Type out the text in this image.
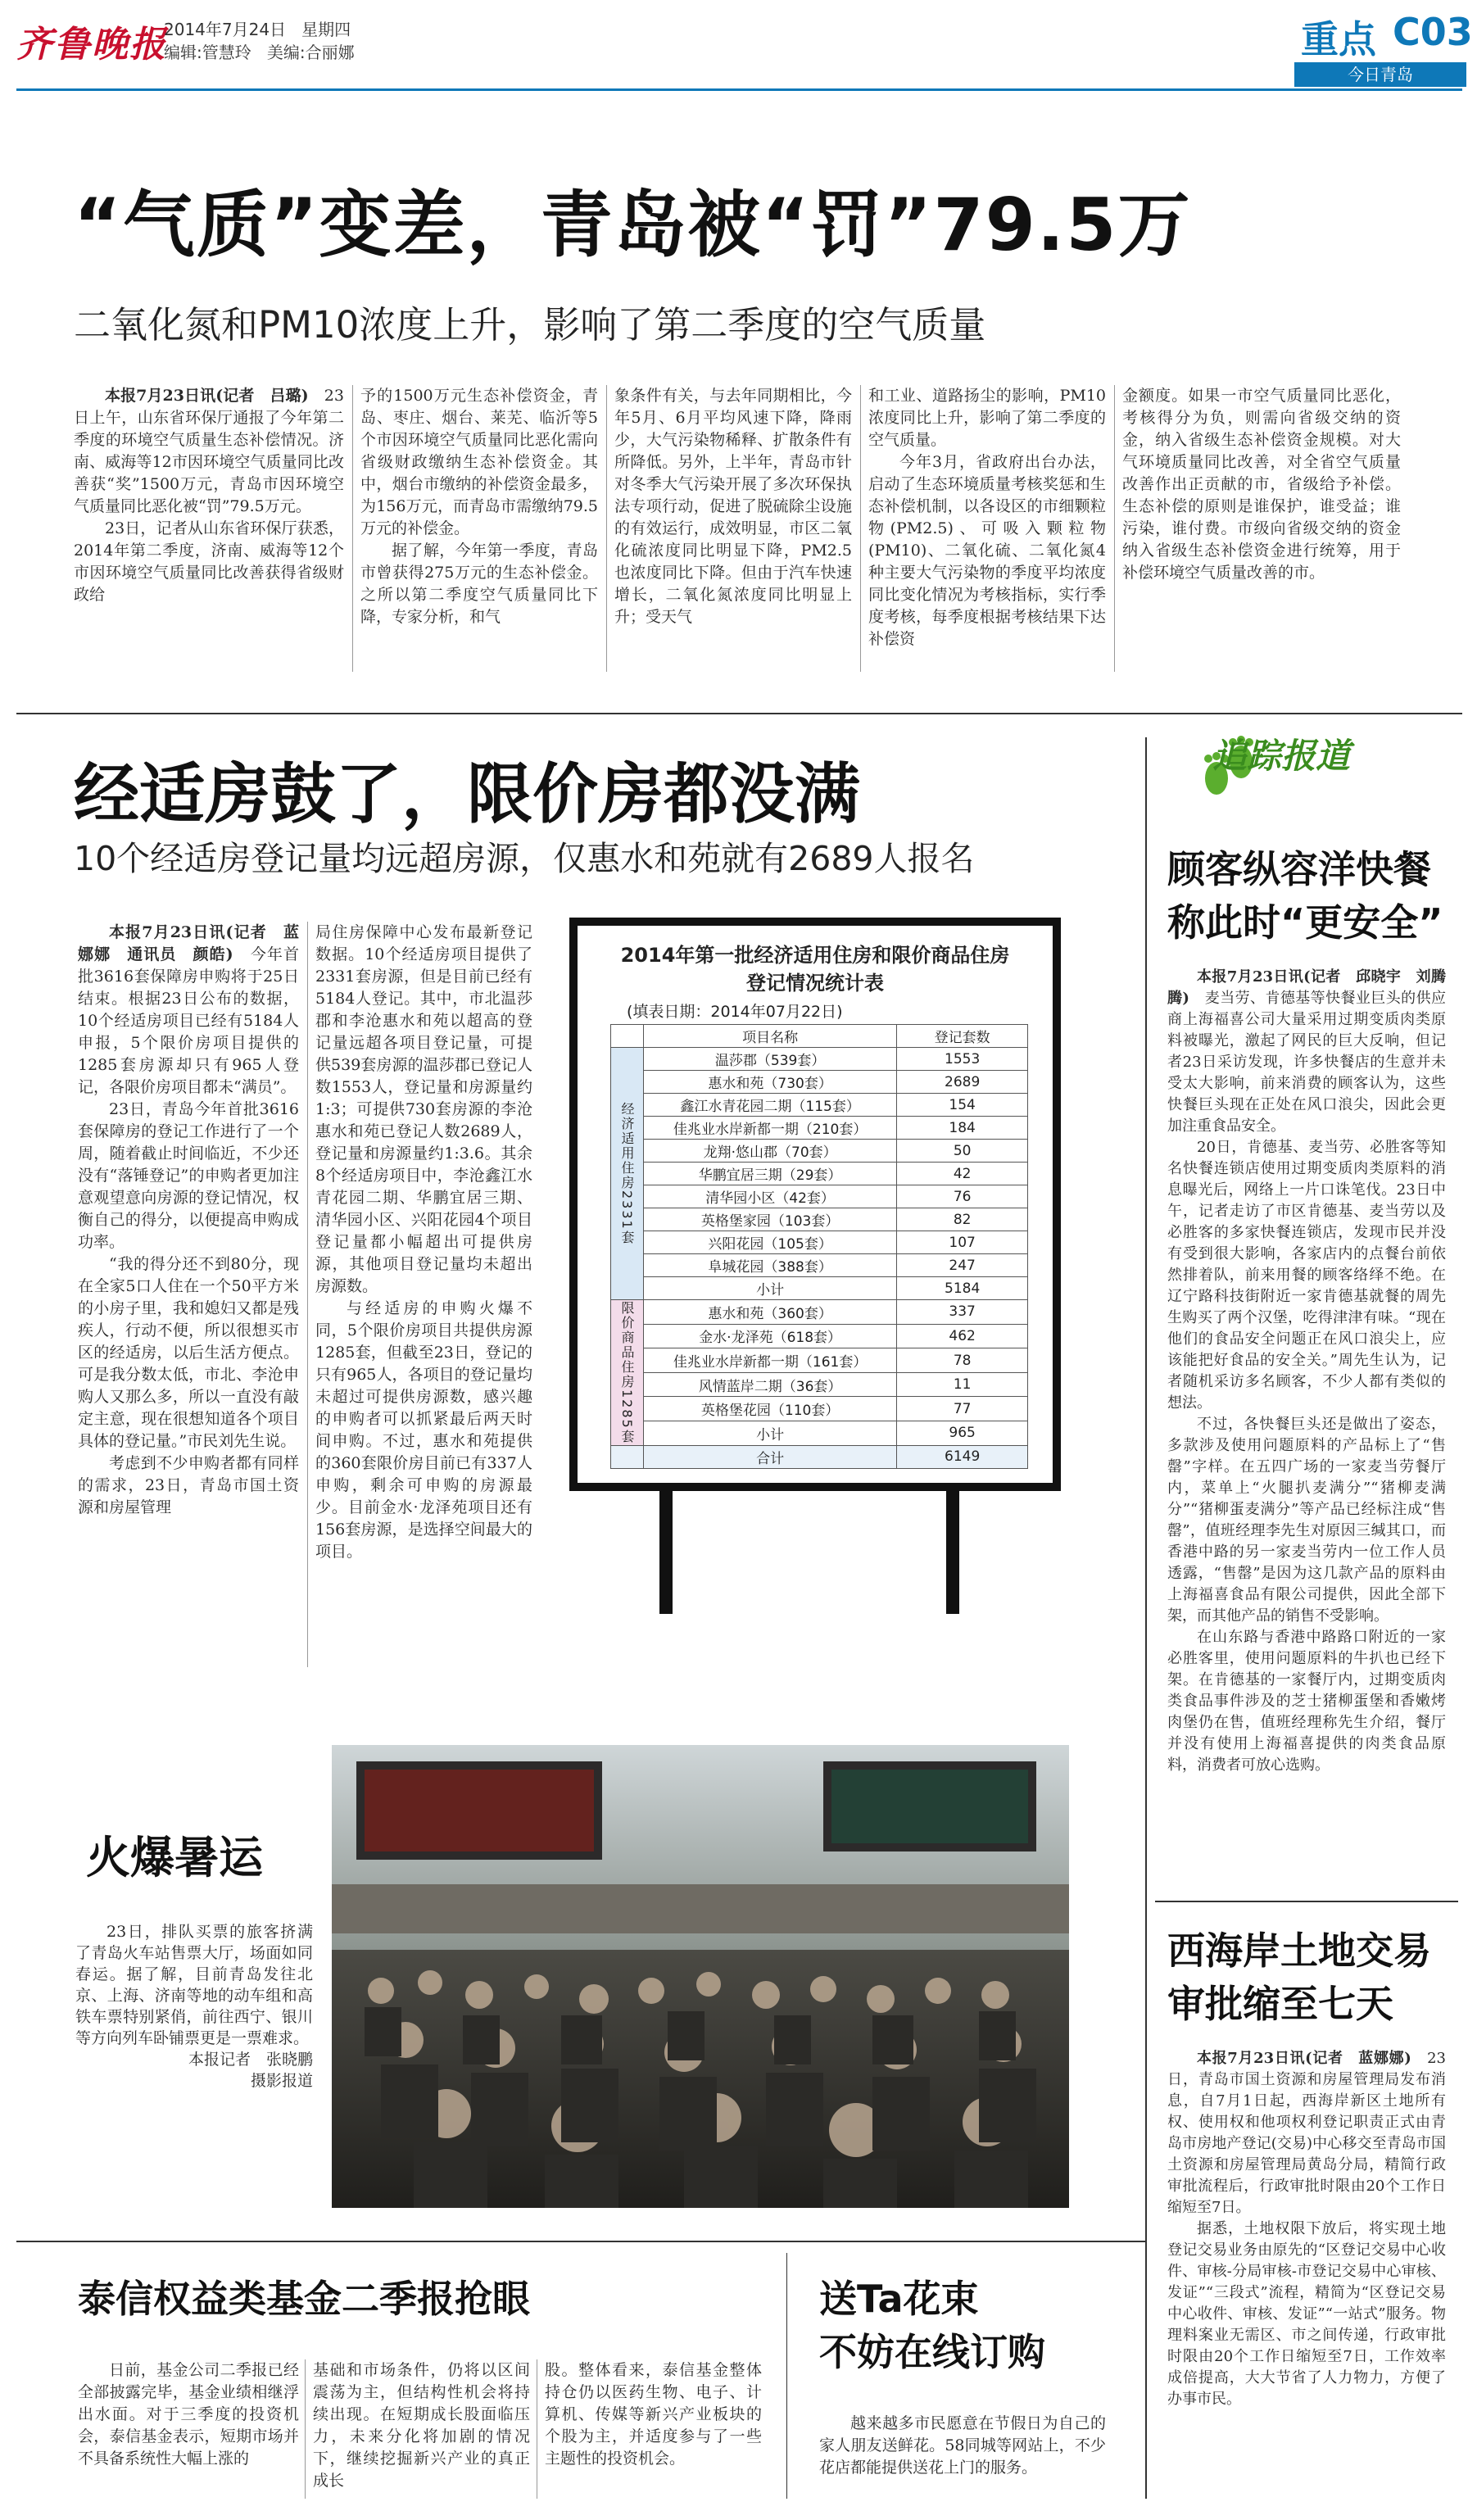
齐鲁晚报
2014年7月24日 星期四
编辑:管慧玲 美编:合丽娜	重点 C03
今日青岛
“气质”变差，青岛被“罚”79.5万
二氧化氮和PM10浓度上升，影响了第二季度的空气质量

本报7月23日讯(记者　吕璐)　 23日上午，山东省环保厅通报了今年第二季度的环境空气质量生态补偿情况。济南、威海等12市因环境空气质量同比改善获“奖”1500万元，青岛市因环境空气质量同比恶化被“罚”79.5万元。

23日，记者从山东省环保厅获悉，2014年第二季度，济南、威海等12个市因环境空气质量同比改善获得省级财政给

予的1500万元生态补偿资金，青岛、枣庄、烟台、莱芜、临沂等5个市因环境空气质量同比恶化需向省级财政缴纳生态补偿资金。其中，烟台市缴纳的补偿资金最多，为156万元，而青岛市需缴纳79.5万元的补偿金。

据了解，今年第一季度，青岛市曾获得275万元的生态补偿金。之所以第二季度空气质量同比下降，专家分析，和气

象条件有关，与去年同期相比，今年5月、6月平均风速下降，降雨少，大气污染物稀释、扩散条件有所降低。另外，上半年，青岛市针对冬季大气污染开展了多次环保执法专项行动，促进了脱硫除尘设施的有效运行，成效明显，市区二氧化硫浓度同比明显下降，PM2.5也浓度同比下降。但由于汽车快速增长，二氧化氮浓度同比明显上升；受天气

和工业、道路扬尘的影响，PM10浓度同比上升，影响了第二季度的空气质量。

今年3月，省政府出台办法，启动了生态环境质量考核奖惩和生态补偿机制，以各设区的市细颗粒物(PM2.5)、可吸入颗粒物(PM10)、二氧化硫、二氧化氮4种主要大气污染物的季度平均浓度同比变化情况为考核指标，实行季度考核，每季度根据考核结果下达补偿资

金额度。如果一市空气质量同比恶化，考核得分为负，则需向省级交纳的资金，纳入省级生态补偿资金规模。对大气环境质量同比改善，对全省空气质量改善作出正贡献的市，省级给予补偿。生态补偿的原则是谁保护，谁受益；谁污染，谁付费。市级向省级交纳的资金纳入省级生态补偿资金进行统筹，用于补偿环境空气质量改善的市。

经适房鼓了，限价房都没满
10个经适房登记量均远超房源，仅惠水和苑就有2689人报名

本报7月23日讯(记者　蓝娜娜　通讯员　颜皓)　 今年首批3616套保障房申购将于25日结束。根据23日公布的数据，10个经适房项目已经有5184人申报，5个限价房项目提供的1285套房源却只有965人登记，各限价房项目都未“满员”。

23日，青岛今年首批3616套保障房的登记工作进行了一个周，随着截止时间临近，不少还没有“落锤登记”的申购者更加注意观望意向房源的登记情况，权衡自己的得分，以便提高申购成功率。

“我的得分还不到80分，现在全家5口人住在一个50平方米的小房子里，我和媳妇又都是残疾人，行动不便，所以很想买市区的经适房，以后生活方便点。可是我分数太低，市北、李沧申购人又那么多，所以一直没有敲定主意，现在很想知道各个项目具体的登记量。”市民刘先生说。

考虑到不少申购者都有同样的需求，23日，青岛市国土资源和房屋管理

局住房保障中心发布最新登记数据。10个经适房项目提供了2331套房源，但是目前已经有5184人登记。其中，市北温莎郡和李沧惠水和苑以超高的登记量远超各项目登记量，可提供539套房源的温莎郡已登记人数1553人，登记量和房源量约1:3；可提供730套房源的李沧惠水和苑已登记人数2689人，登记量和房源量约1:3.6。其余8个经适房项目中，李沧鑫江水青花园二期、华鹏宜居三期、清华园小区、兴阳花园4个项目登记量都小幅超出可提供房源，其他项目登记量均未超出房源数。

与经适房的申购火爆不同，5个限价房项目共提供房源1285套，但截至23日，登记的只有965人，各项目的登记量均未超过可提供房源数，感兴趣的申购者可以抓紧最后两天时间申购。不过，惠水和苑提供的360套限价房目前已有337人申购，剩余可申购的房源最少。目前金水·龙泽苑项目还有156套房源，是选择空间最大的项目。

2014年第一批经济适用住房和限价商品住房
登记情况统计表
(填表日期：2014年07月22日)
	项目名称	登记套数
经济适用住房2331套	温莎郡（539套）	1553
	惠水和苑（730套）	2689
	鑫江水青花园二期（115套）	154
	佳兆业水岸新都一期（210套）	184
	龙翔·悠山郡（70套）	50
	华鹏宜居三期（29套）	42
	清华园小区（42套）	76
	英格堡家园（103套）	82
	兴阳花园（105套）	107
	阜城花园（388套）	247
	小计	5184
限价商品住房1285套	惠水和苑（360套）	337
	金水·龙泽苑（618套）	462
	佳兆业水岸新都一期（161套）	78
	风情蓝岸二期（36套）	11
	英格堡花园（110套）	77
	小计	965
	合计	6149
火爆暑运

23日，排队买票的旅客挤满了青岛火车站售票大厅，场面如同春运。据了解，目前青岛发往北京、上海、济南等地的动车组和高铁车票特别紧俏，前往西宁、银川等方向列车卧铺票更是一票难求。

本报记者　张晓鹏

摄影报道

泰信权益类基金二季报抢眼

日前，基金公司二季报已经全部披露完毕，基金业绩相继浮出水面。对于三季度的投资机会，泰信基金表示，短期市场并不具备系统性大幅上涨的

基础和市场条件，仍将以区间震荡为主，但结构性机会将持续出现。在短期成长股面临压力，未来分化将加剧的情况下，继续挖掘新兴产业的真正成长

股。整体看来，泰信基金整体持仓仍以医药生物、电子、计算机、传媒等新兴产业板块的个股为主，并适度参与了一些主题性的投资机会。

送Ta花束
不妨在线订购

越来越多市民愿意在节假日为自己的家人朋友送鲜花。58同城等网站上，不少花店都能提供送花上门的服务。

追踪报道
顾客纵容洋快餐
称此时“更安全”

本报7月23日讯(记者　邱晓宇　刘腾腾)　 麦当劳、肯德基等快餐业巨头的供应商上海福喜公司大量采用过期变质肉类原料被曝光，激起了网民的巨大反响，但记者23日采访发现，许多快餐店的生意并未受太大影响，前来消费的顾客认为，这些快餐巨头现在正处在风口浪尖，因此会更加注重食品安全。

20日，肯德基、麦当劳、必胜客等知名快餐连锁店使用过期变质肉类原料的消息曝光后，网络上一片口诛笔伐。23日中午，记者走访了市区肯德基、麦当劳以及必胜客的多家快餐连锁店，发现市民并没有受到很大影响，各家店内的点餐台前依然排着队，前来用餐的顾客络绎不绝。在辽宁路科技街附近一家肯德基就餐的周先生购买了两个汉堡，吃得津津有味。“现在他们的食品安全问题正在风口浪尖上，应该能把好食品的安全关。”周先生认为，记者随机采访多名顾客，不少人都有类似的想法。

不过，各快餐巨头还是做出了姿态，多款涉及使用问题原料的产品标上了“售罄”字样。在五四广场的一家麦当劳餐厅内，菜单上“火腿扒麦满分”“猪柳麦满分”“猪柳蛋麦满分”等产品已经标注成“售罄”，值班经理李先生对原因三缄其口，而香港中路的另一家麦当劳内一位工作人员透露，“售罄”是因为这几款产品的原料由上海福喜食品有限公司提供，因此全部下架，而其他产品的销售不受影响。

在山东路与香港中路路口附近的一家必胜客里，使用问题原料的牛扒也已经下架。在肯德基的一家餐厅内，过期变质肉类食品事件涉及的芝士猪柳蛋堡和香嫩烤肉堡仍在售，值班经理称先生介绍，餐厅并没有使用上海福喜提供的肉类食品原料，消费者可放心选购。

西海岸土地交易
审批缩至七天

本报7月23日讯(记者　蓝娜娜)　 23日，青岛市国土资源和房屋管理局发布消息，自7月1日起，西海岸新区土地所有权、使用权和他项权利登记职责正式由青岛市房地产登记(交易)中心移交至青岛市国土资源和房屋管理局黄岛分局，精简行政审批流程后，行政审批时限由20个工作日缩短至7日。

据悉，土地权限下放后，将实现土地登记交易业务由原先的“区登记交易中心收件、审核-分局审核-市登记交易中心审核、发证”“三段式”流程，精简为“区登记交易中心收件、审核、发证”“一站式”服务。物理料案业无需区、市之间传递，行政审批时限由20个工作日缩短至7日，工作效率成倍提高，大大节省了人力物力，方便了办事市民。
